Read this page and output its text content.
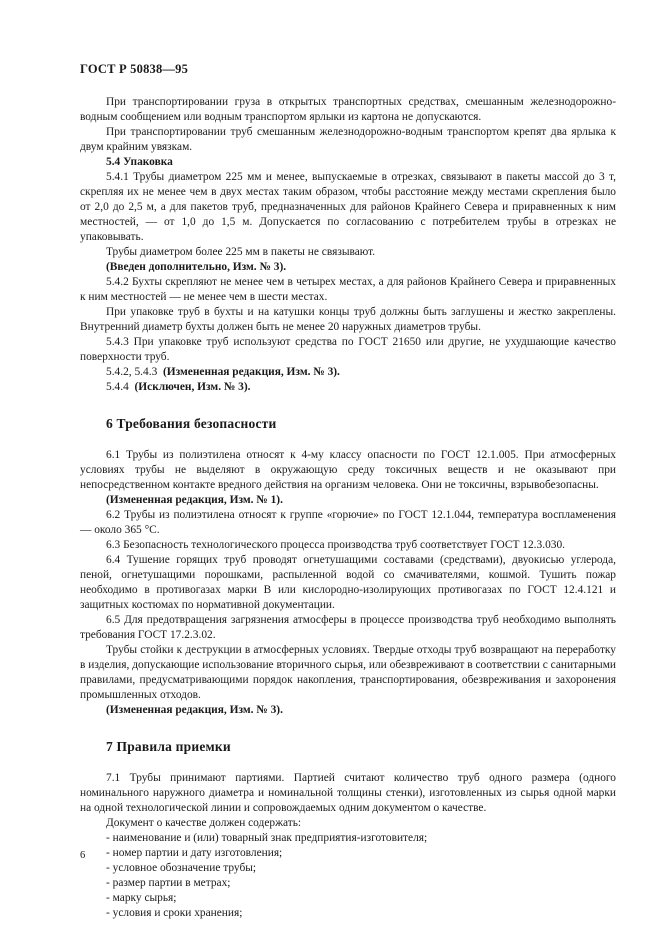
ГОСТ Р 50838—95

При транспортировании груза в открытых транспортных средствах, смешанным железнодорожно-водным сообщением или водным транспортом ярлыки из картона не допускаются.

При транспортировании труб смешанным железнодорожно-водным транспортом крепят два ярлыка к двум крайним увязкам.

5.4 Упаковка

5.4.1 Трубы диаметром 225 мм и менее, выпускаемые в отрезках, связывают в пакеты массой до 3 т, скрепляя их не менее чем в двух местах таким образом, чтобы расстояние между местами скрепления было от 2,0 до 2,5 м, а для пакетов труб, предназначенных для районов Крайнего Севера и приравненных к ним местностей, — от 1,0 до 1,5 м. Допускается по согласованию с потребителем трубы в отрезках не упаковывать.

Трубы диаметром более 225 мм в пакеты не связывают.

(Введен дополнительно, Изм. № 3).

5.4.2 Бухты скрепляют не менее чем в четырех местах, а для районов Крайнего Севера и приравненных к ним местностей — не менее чем в шести местах.

При упаковке труб в бухты и на катушки концы труб должны быть заглушены и жестко закреплены. Внутренний диаметр бухты должен быть не менее 20 наружных диаметров трубы.

5.4.3 При упаковке труб используют средства по ГОСТ 21650 или другие, не ухудшающие качество поверхности труб.

5.4.2, 5.4.3 (Измененная редакция, Изм. № 3).

5.4.4 (Исключен, Изм. № 3).

6 Требования безопасности

6.1 Трубы из полиэтилена относят к 4-му классу опасности по ГОСТ 12.1.005. При атмосферных условиях трубы не выделяют в окружающую среду токсичных веществ и не оказывают при непосредственном контакте вредного действия на организм человека. Они не токсичны, взрывобезопасны.

(Измененная редакция, Изм. № 1).

6.2 Трубы из полиэтилена относят к группе «горючие» по ГОСТ 12.1.044, температура воспламенения — около 365 °С.

6.3 Безопасность технологического процесса производства труб соответствует ГОСТ 12.3.030.

6.4 Тушение горящих труб проводят огнетушащими составами (средствами), двуокисью углерода, пеной, огнетушащими порошками, распыленной водой со смачивателями, кошмой. Тушить пожар необходимо в противогазах марки В или кислородно-изолирующих противогазах по ГОСТ 12.4.121 и защитных костюмах по нормативной документации.

6.5 Для предотвращения загрязнения атмосферы в процессе производства труб необходимо выполнять требования ГОСТ 17.2.3.02.

Трубы стойки к деструкции в атмосферных условиях. Твердые отходы труб возвращают на переработку в изделия, допускающие использование вторичного сырья, или обезвреживают в соответствии с санитарными правилами, предусматривающими порядок накопления, транспортирования, обезвреживания и захоронения промышленных отходов.

(Измененная редакция, Изм. № 3).

7 Правила приемки

7.1 Трубы принимают партиями. Партией считают количество труб одного размера (одного номинального наружного диаметра и номинальной толщины стенки), изготовленных из сырья одной марки на одной технологической линии и сопровождаемых одним документом о качестве.

Документ о качестве должен содержать:

- наименование и (или) товарный знак предприятия-изготовителя;

- номер партии и дату изготовления;

- условное обозначение трубы;

- размер партии в метрах;

- марку сырья;

- условия и сроки хранения;

6
